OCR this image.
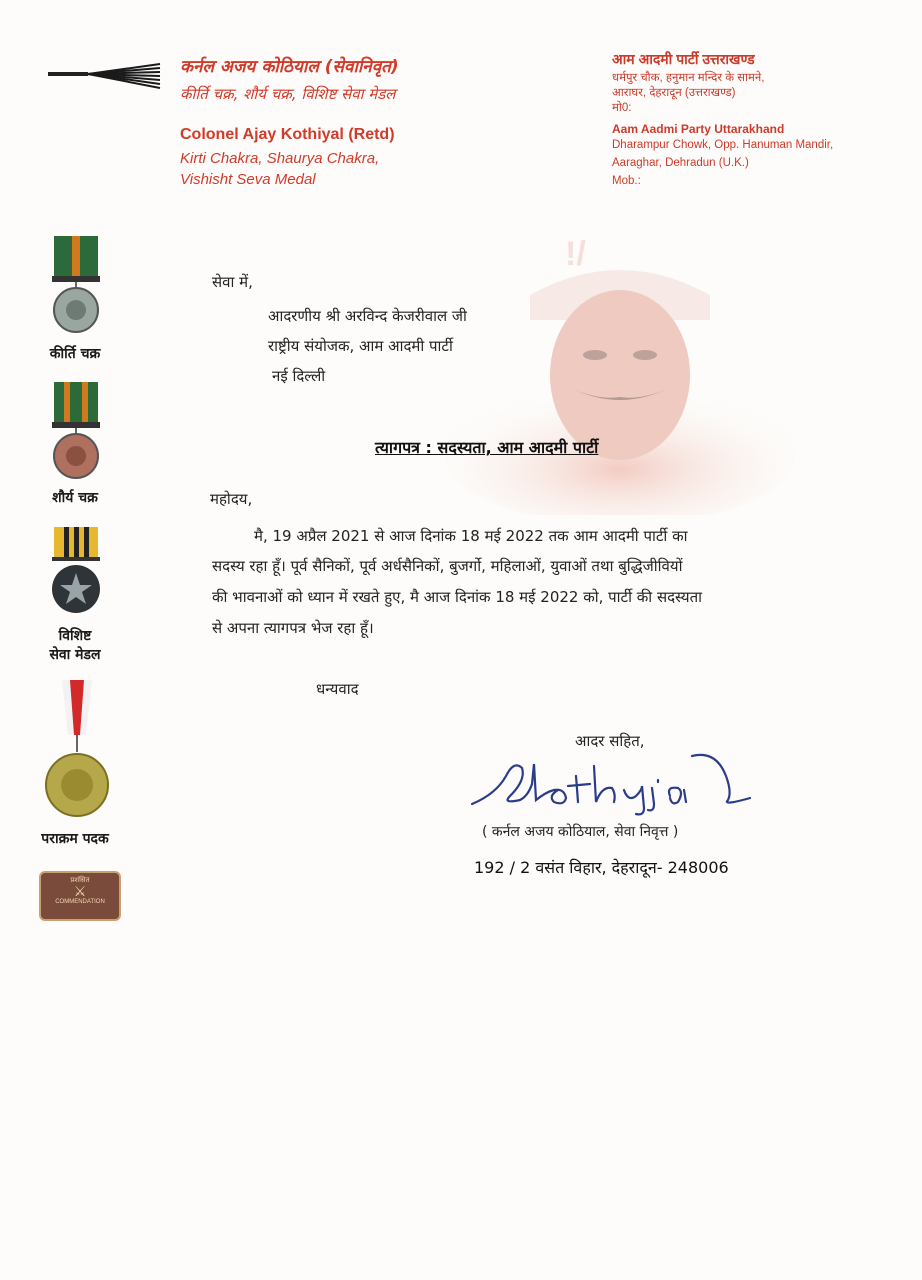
कर्नल अजय कोठियाल (सेवानिवृत)
कीर्ति चक्र, शौर्य चक्र, विशिष्ट सेवा मेडल
Colonel Ajay Kothiyal (Retd)
Kirti Chakra, Shaurya Chakra,
Vishisht Seva Medal
आम आदमी पार्टी उत्तराखण्ड
धर्मपुर चौक, हनुमान मन्दिर के सामने,
आराघर, देहरादून (उत्तराखण्ड)
मो0:
Aam Aadmi Party Uttarakhand
Dharampur Chowk, Opp. Hanuman Mandir,
Aaraghar, Dehradun (U.K.)
Mob.:
!/
कीर्ति चक्र
शौर्य चक्र
विशिष्ट
सेवा मेडल
पराक्रम पदक
प्रशंसित
⚔
COMMENDATION
सेवा में,
आदरणीय श्री अरविन्द केजरीवाल जी
राष्ट्रीय संयोजक, आम आदमी पार्टी
नई दिल्ली
त्यागपत्र : सदस्यता, आम आदमी पार्टी
महोदय,
मै, 19 अप्रैल 2021 से आज दिनांक 18 मई 2022 तक आम आदमी पार्टी का
सदस्य रहा हूँ। पूर्व सैनिकों, पूर्व अर्धसैनिकों, बुजर्गो, महिलाओं, युवाओं तथा बुद्धिजीवियों
की भावनाओं को ध्यान में रखते हुए, मै आज दिनांक 18 मई 2022 को, पार्टी की सदस्यता
से अपना त्यागपत्र भेज रहा हूँ।
धन्यवाद
आदर सहित,
( कर्नल अजय कोठियाल, सेवा निवृत्त )
192 / 2 वसंत विहार, देहरादून- 248006
